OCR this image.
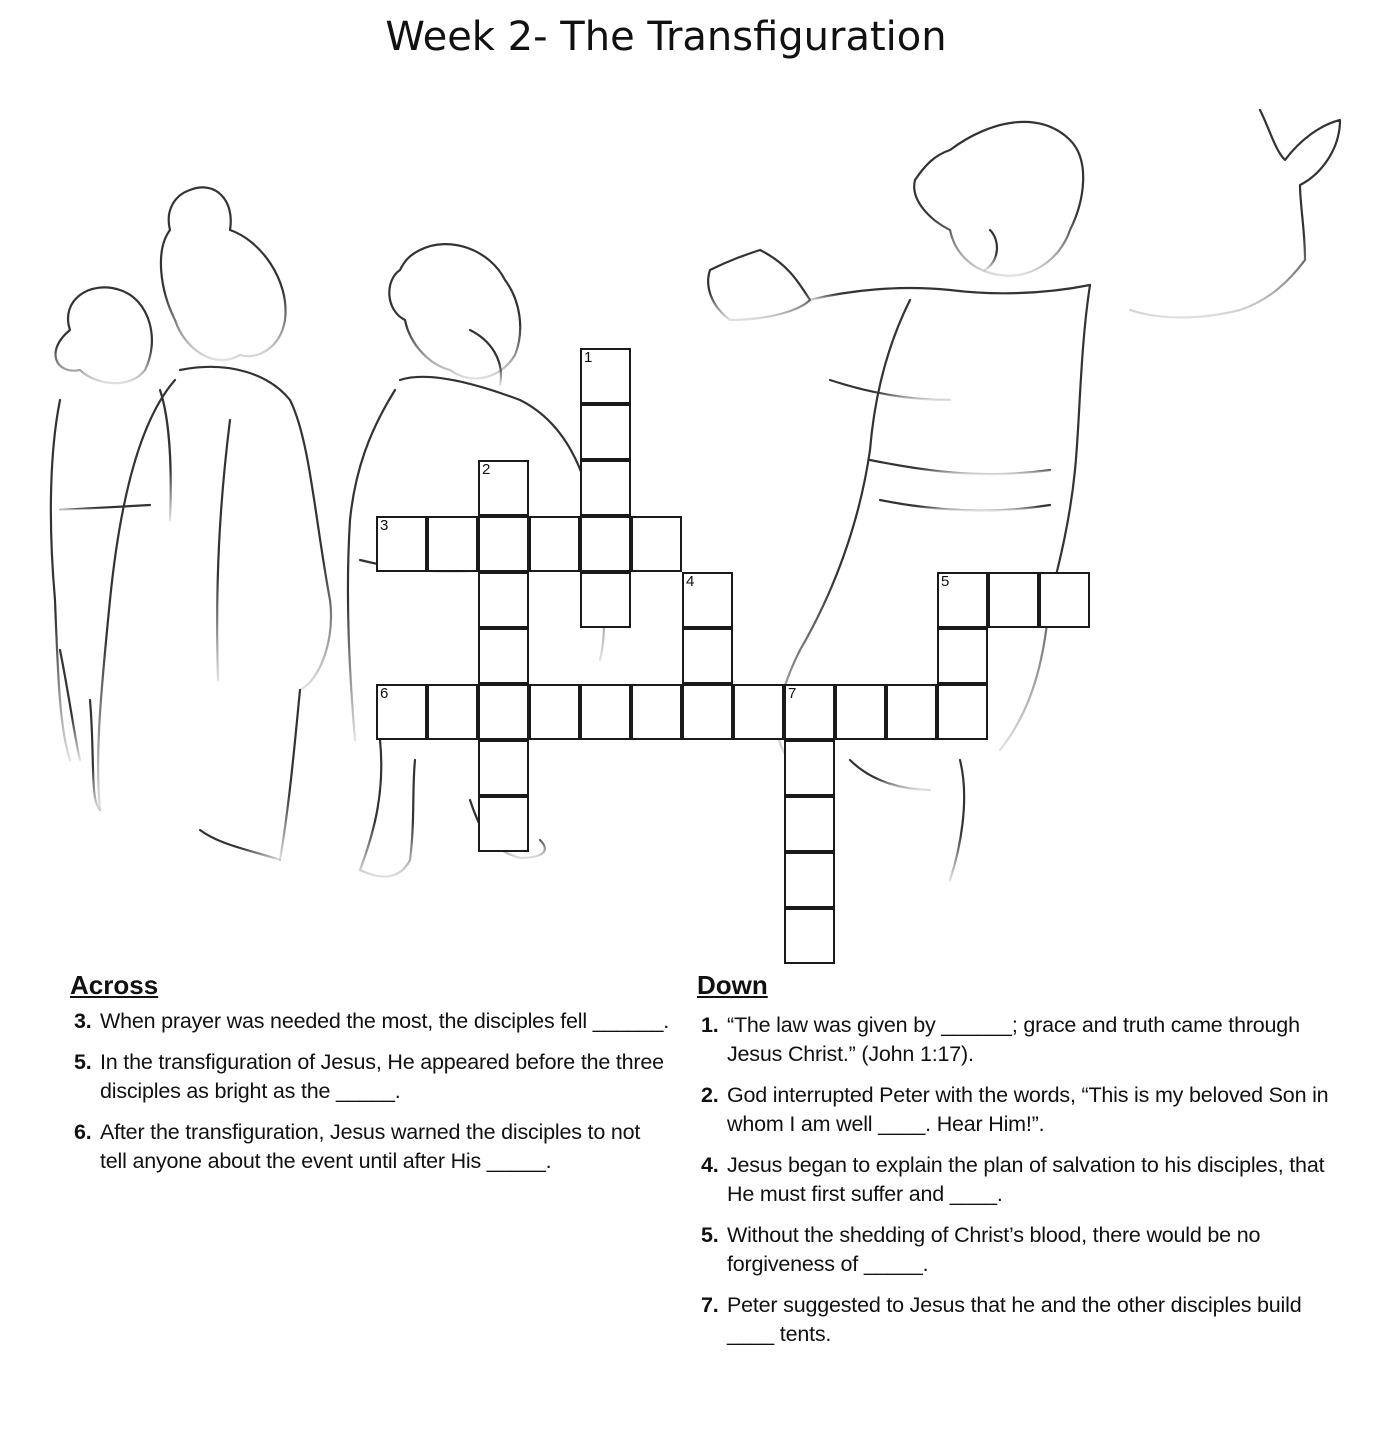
Week 2- The Transfiguration
1
2
3
4	5
6	7
Across
3. When prayer was needed the most, the disciples fell ______.
5. In the transfiguration of Jesus, He appeared before the three disciples as bright as the _____.
6. After the transfiguration, Jesus warned the disciples to not tell anyone about the event until after His _____.
Down
1. “The law was given by ______; grace and truth came through Jesus Christ.” (John 1:17).
2. God interrupted Peter with the words, “This is my beloved Son in whom I am well ____. Hear Him!”.
4. Jesus began to explain the plan of salvation to his disciples, that He must first suffer and ____.
5. Without the shedding of Christ’s blood, there would be no forgiveness of _____.
7. Peter suggested to Jesus that he and the other disciples build ____ tents.
